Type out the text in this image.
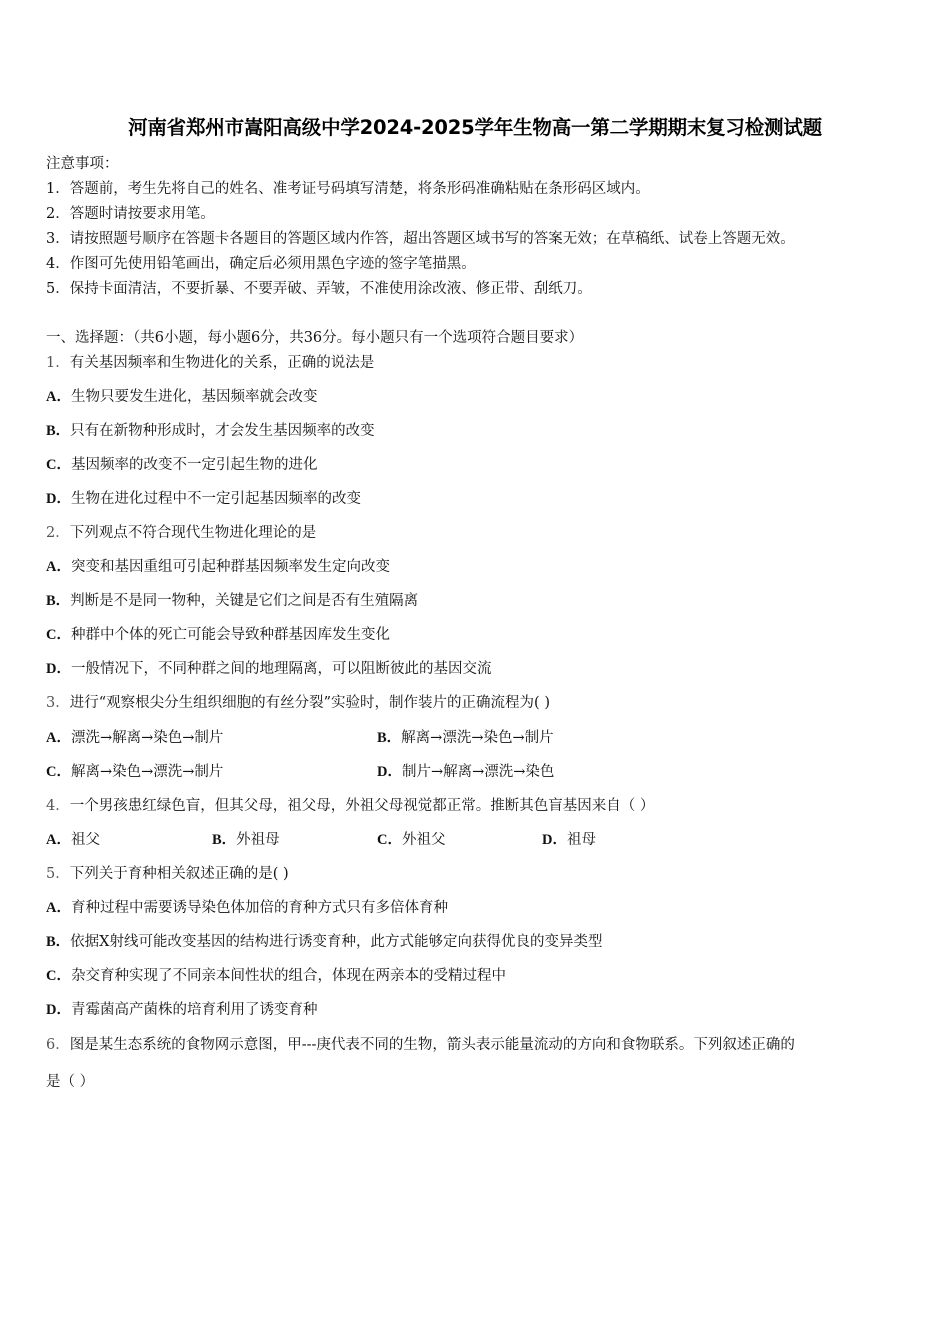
河南省郑州市嵩阳高级中学2024-2025学年生物高一第二学期期末复习检测试题
注意事项：
1．答题前，考生先将自己的姓名、准考证号码填写清楚，将条形码准确粘贴在条形码区域内。
2．答题时请按要求用笔。
3．请按照题号顺序在答题卡各题目的答题区域内作答，超出答题区域书写的答案无效；在草稿纸、试卷上答题无效。
4．作图可先使用铅笔画出，确定后必须用黑色字迹的签字笔描黑。
5．保持卡面清洁，不要折暴、不要弄破、弄皱，不准使用涂改液、修正带、刮纸刀。
一、选择题：（共6小题，每小题6分，共36分。每小题只有一个选项符合题目要求）
1．有关基因频率和生物进化的关系，正确的说法是
A．生物只要发生进化，基因频率就会改变
B．只有在新物种形成时，才会发生基因频率的改变
C．基因频率的改变不一定引起生物的进化
D．生物在进化过程中不一定引起基因频率的改变
2．下列观点不符合现代生物进化理论的是
A．突变和基因重组可引起种群基因频率发生定向改变
B．判断是不是同一物种，关键是它们之间是否有生殖隔离
C．种群中个体的死亡可能会导致种群基因库发生变化
D．一般情况下，不同种群之间的地理隔离，可以阻断彼此的基因交流
3．进行“观察根尖分生组织细胞的有丝分裂”实验时，制作装片的正确流程为( )
A．漂洗→解离→染色→制片	B．解离→漂洗→染色→制片
C．解离→染色→漂洗→制片	D．制片→解离→漂洗→染色
4．一个男孩患红绿色盲，但其父母，祖父母，外祖父母视觉都正常。推断其色盲基因来自（ ）
A．祖父	B．外祖母	C．外祖父	D．祖母
5．下列关于育种相关叙述正确的是( )
A．育种过程中需要诱导染色体加倍的育种方式只有多倍体育种
B．依据X射线可能改变基因的结构进行诱变育种，此方式能够定向获得优良的变异类型
C．杂交育种实现了不同亲本间性状的组合，体现在两亲本的受精过程中
D．青霉菌高产菌株的培育利用了诱变育种
6．图是某生态系统的食物网示意图，甲---庚代表不同的生物，箭头表示能量流动的方向和食物联系。下列叙述正确的
是（ ）
